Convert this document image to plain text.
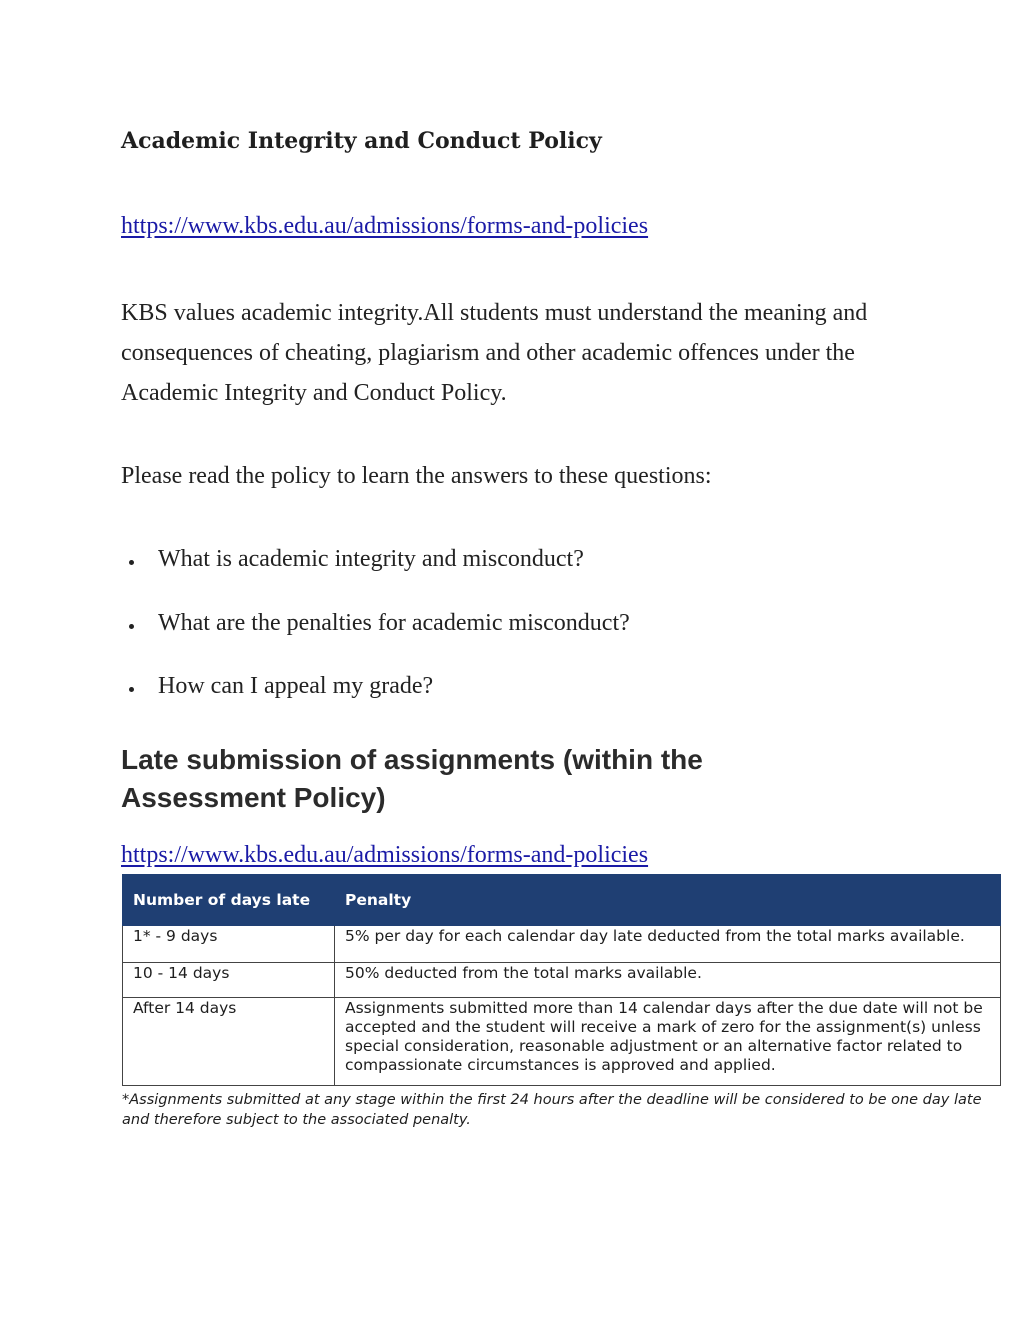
Academic Integrity and Conduct Policy
https://www.kbs.edu.au/admissions/forms-and-policies
KBS values academic integrity.All students must understand the meaning and consequences of cheating, plagiarism and other academic offences under the Academic Integrity and Conduct Policy.
Please read the policy to learn the answers to these questions:
What is academic integrity and misconduct?
What are the penalties for academic misconduct?
How can I appeal my grade?
Late submission of assignments (within the Assessment Policy)
https://www.kbs.edu.au/admissions/forms-and-policies
Number of days late	Penalty
1* - 9 days	5% per day for each calendar day late deducted from the total marks available.
10 - 14 days	50% deducted from the total marks available.
After 14 days	Assignments submitted more than 14 calendar days after the due date will not be accepted and the student will receive a mark of zero for the assignment(s) unless special consideration, reasonable adjustment or an alternative factor related to compassionate circumstances is approved and applied.
*Assignments submitted at any stage within the first 24 hours after the deadline will be considered to be one day late and therefore subject to the associated penalty.
